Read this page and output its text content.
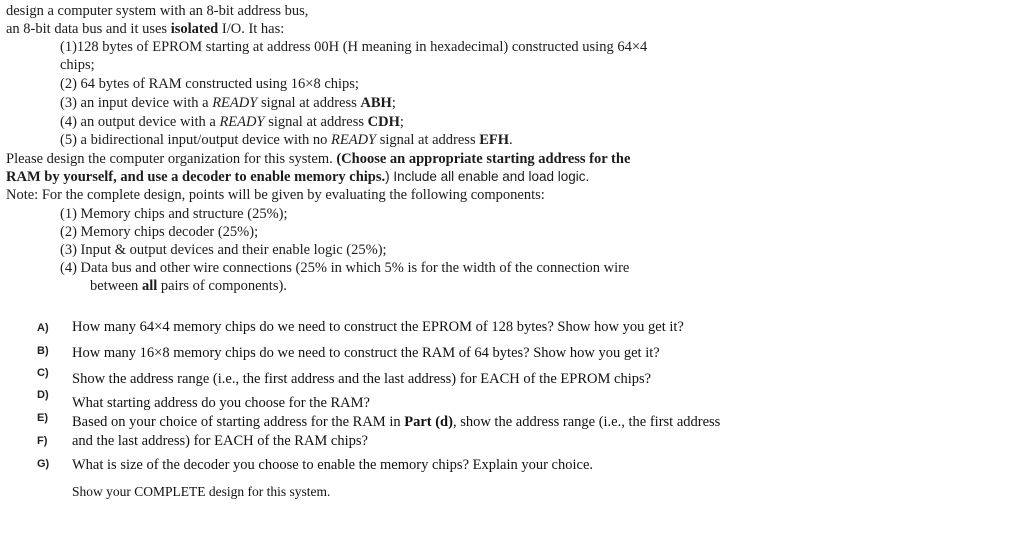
design a computer system with an 8-bit address bus,
an 8-bit data bus and it uses isolated I/O. It has:
(1)128 bytes of EPROM starting at address 00H (H meaning in hexadecimal) constructed using 64×4
chips;
(2) 64 bytes of RAM constructed using 16×8 chips;
(3) an input device with a READY signal at address ABH;
(4) an output device with a READY signal at address CDH;
(5) a bidirectional input/output device with no READY signal at address EFH.
Please design the computer organization for this system. (Choose an appropriate starting address for the
RAM by yourself, and use a decoder to enable memory chips.) Include all enable and load logic.
Note: For the complete design, points will be given by evaluating the following components:
(1) Memory chips and structure (25%);
(2) Memory chips decoder (25%);
(3) Input & output devices and their enable logic (25%);
(4) Data bus and other wire connections (25% in which 5% is for the width of the connection wire
between all pairs of components).
A) How many 64×4 memory chips do we need to construct the EPROM of 128 bytes? Show how you get it?
B) How many 16×8 memory chips do we need to construct the RAM of 64 bytes? Show how you get it?
C) Show the address range (i.e., the first address and the last address) for EACH of the EPROM chips?
D) What starting address do you choose for the RAM?
E) Based on your choice of starting address for the RAM in Part (d), show the address range (i.e., the first address
F) and the last address) for EACH of the RAM chips?
G) What is size of the decoder you choose to enable the memory chips? Explain your choice.
Show your COMPLETE design for this system.
